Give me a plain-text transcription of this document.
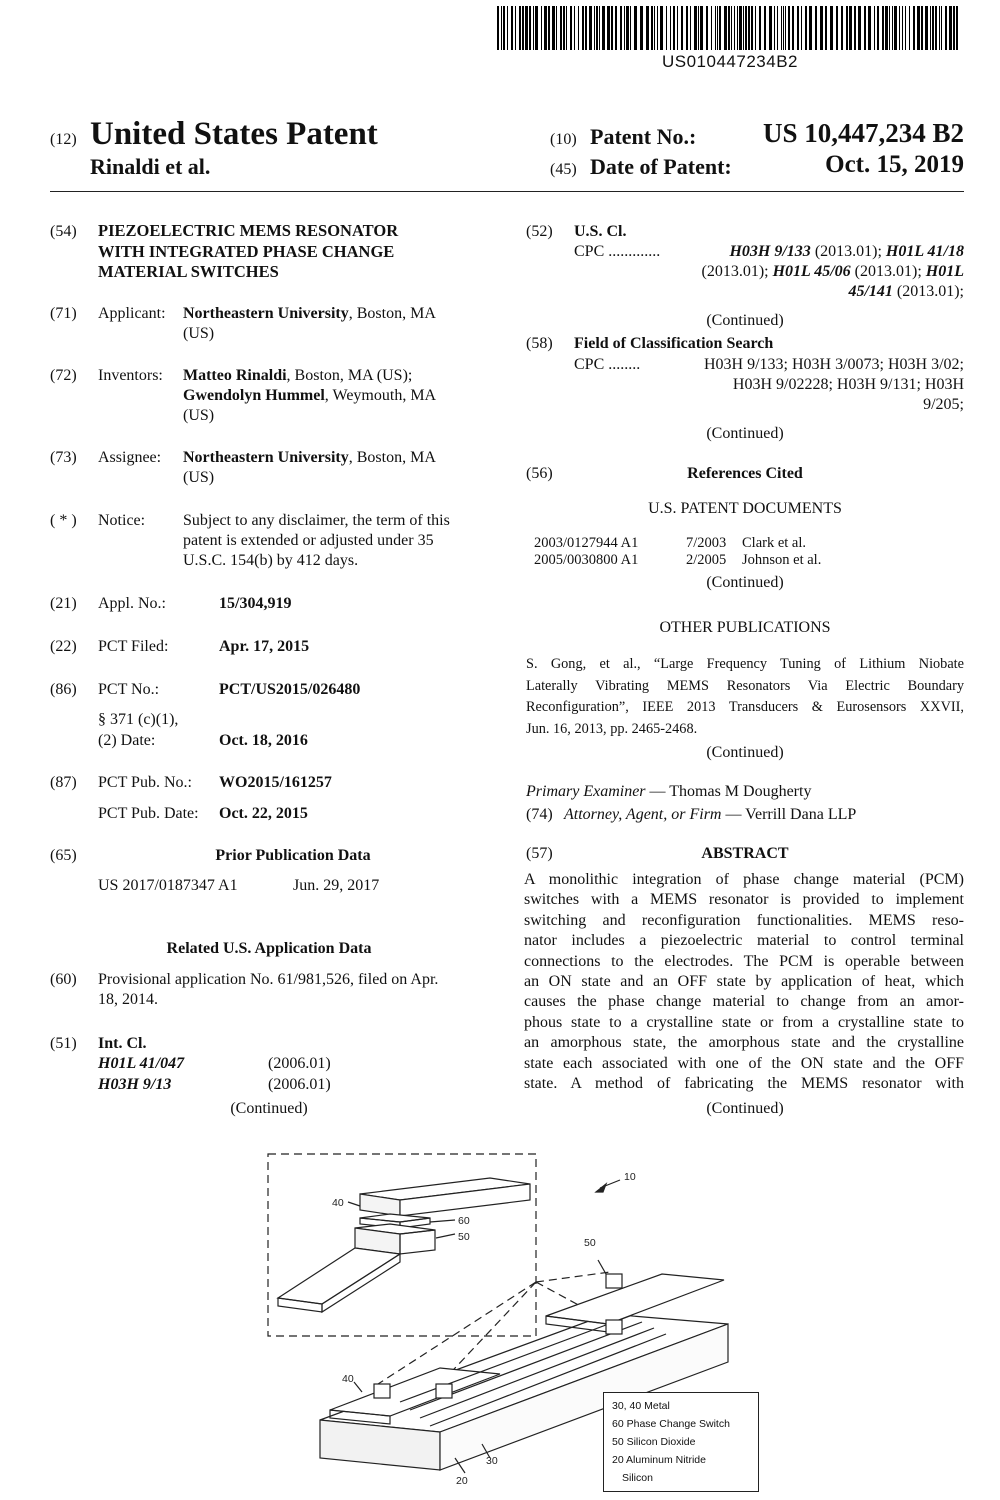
US010447234B2
(12) United States Patent
Rinaldi et al.
(10) Patent No.:	US 10,447,234 B2
(45) Date of Patent:	Oct. 15, 2019
(54) PIEZOELECTRIC MEMS RESONATOR
WITH INTEGRATED PHASE CHANGE
MATERIAL SWITCHES
(71) Applicant: Northeastern University, Boston, MA
(US)
(72) Inventors: Matteo Rinaldi, Boston, MA (US);
Gwendolyn Hummel, Weymouth, MA
(US)
(73) Assignee: Northeastern University, Boston, MA
(US)
( * ) Notice: Subject to any disclaimer, the term of this
patent is extended or adjusted under 35
U.S.C. 154(b) by 412 days.
(21) Appl. No.:	15/304,919
(22) PCT Filed:	Apr. 17, 2015
(86) PCT No.:	PCT/US2015/026480
§ 371 (c)(1),
(2) Date:	Oct. 18, 2016
(87) PCT Pub. No.: WO2015/161257
PCT Pub. Date: Oct. 22, 2015
(65)	Prior Publication Data
US 2017/0187347 A1	Jun. 29, 2017
Related U.S. Application Data
(60) Provisional application No. 61/981,526, filed on Apr.
18, 2014.
(51) Int. Cl.
H01L 41/047	(2006.01)
H03H 9/13	(2006.01)
(Continued)
(52) U.S. Cl.
CPC .............	H03H 9/133 (2013.01); H01L 41/18
(2013.01); H01L 45/06 (2013.01); H01L
45/141 (2013.01);
(Continued)
(58) Field of Classification Search
CPC ........	H03H 9/133; H03H 3/0073; H03H 3/02;
H03H 9/02228; H03H 9/131; H03H
9/205;
(Continued)
(56)	References Cited
U.S. PATENT DOCUMENTS
2003/0127944 A1	7/2003	Clark et al.
2005/0030800 A1	2/2005	Johnson et al.
(Continued)
OTHER PUBLICATIONS
S. Gong, et al., “Large Frequency Tuning of Lithium Niobate
Laterally Vibrating MEMS Resonators Via Electric Boundary
Reconfiguration”, IEEE 2013 Transducers & Eurosensors XXVII,
Jun. 16, 2013, pp. 2465-2468.
(Continued)
Primary Examiner — Thomas M Dougherty
(74) Attorney, Agent, or Firm — Verrill Dana LLP
(57)	ABSTRACT
A monolithic integration of phase change material (PCM)
switches with a MEMS resonator is provided to implement
switching and reconfiguration functionalities. MEMS reso-
nator includes a piezoelectric material to control terminal
connections to the electrodes. The PCM is operable between
an ON state and an OFF state by application of heat, which
causes the phase change material to change from an amor-
phous state to a crystalline state or from a crystalline state to
an amorphous state, the amorphous state and the crystalline
state each associated with one of the ON state and the OFF
state. A method of fabricating the MEMS resonator with
(Continued)
10
40
60
50	50
40
30
20
30, 40 Metal
60 Phase Change Switch
50 Silicon Dioxide
20 Aluminum Nitride
Silicon
